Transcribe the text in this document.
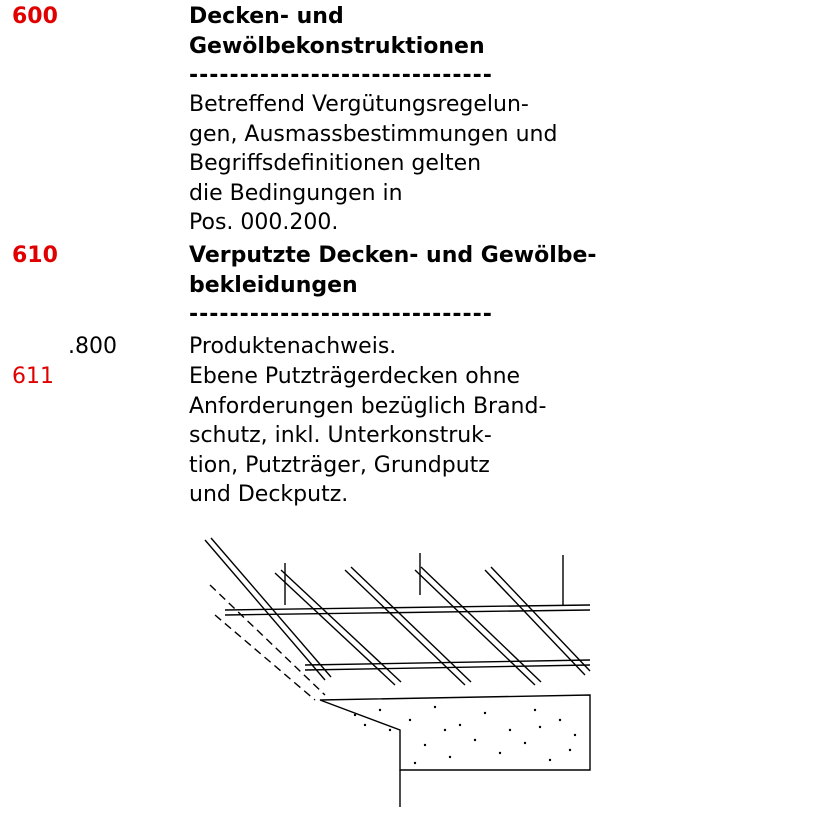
600	Decken- und
Gewölbekonstruktionen
------------------------------
Betreffend Vergütungsregelun-
gen, Ausmassbestimmungen und
Begriffsdefinitionen gelten
die Bedingungen in
Pos. 000.200.
610	Verputzte Decken- und Gewölbe-
bekleidungen
------------------------------
.800	Produktenachweis.
611	Ebene Putzträgerdecken ohne
Anforderungen bezüglich Brand-
schutz, inkl. Unterkonstruk-
tion, Putzträger, Grundputz
und Deckputz.
